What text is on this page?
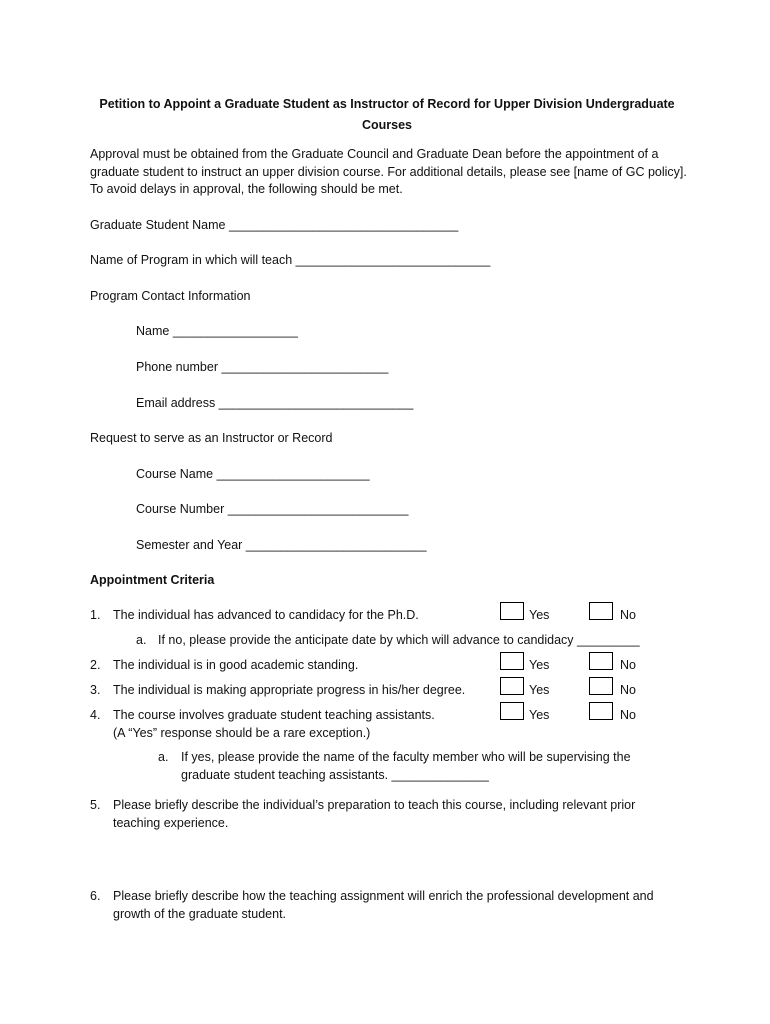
Petition to Appoint a Graduate Student as Instructor of Record for Upper Division Undergraduate Courses
Approval must be obtained from the Graduate Council and Graduate Dean before the appointment of a graduate student to instruct an upper division course. For additional details, please see [name of GC policy]. To avoid delays in approval, the following should be met.
Graduate Student Name _________________________________
Name of Program in which will teach ____________________________
Program Contact Information
Name __________________
Phone number ________________________
Email address ____________________________
Request to serve as an Instructor or Record
Course Name ______________________
Course Number __________________________
Semester and Year __________________________
Appointment Criteria
1. The individual has advanced to candidacy for the Ph.D.	Yes	No
a. If no, please provide the anticipate date by which will advance to candidacy _________
2. The individual is in good academic standing.	Yes	No
3. The individual is making appropriate progress in his/her degree.	Yes	No
4. The course involves graduate student teaching assistants.
(A “Yes” response should be a rare exception.)
Yes	No
a. If yes, please provide the name of the faculty member who will be supervising the graduate student teaching assistants. ______________
5. Please briefly describe the individual’s preparation to teach this course, including relevant prior teaching experience.
6. Please briefly describe how the teaching assignment will enrich the professional development and growth of the graduate student.
